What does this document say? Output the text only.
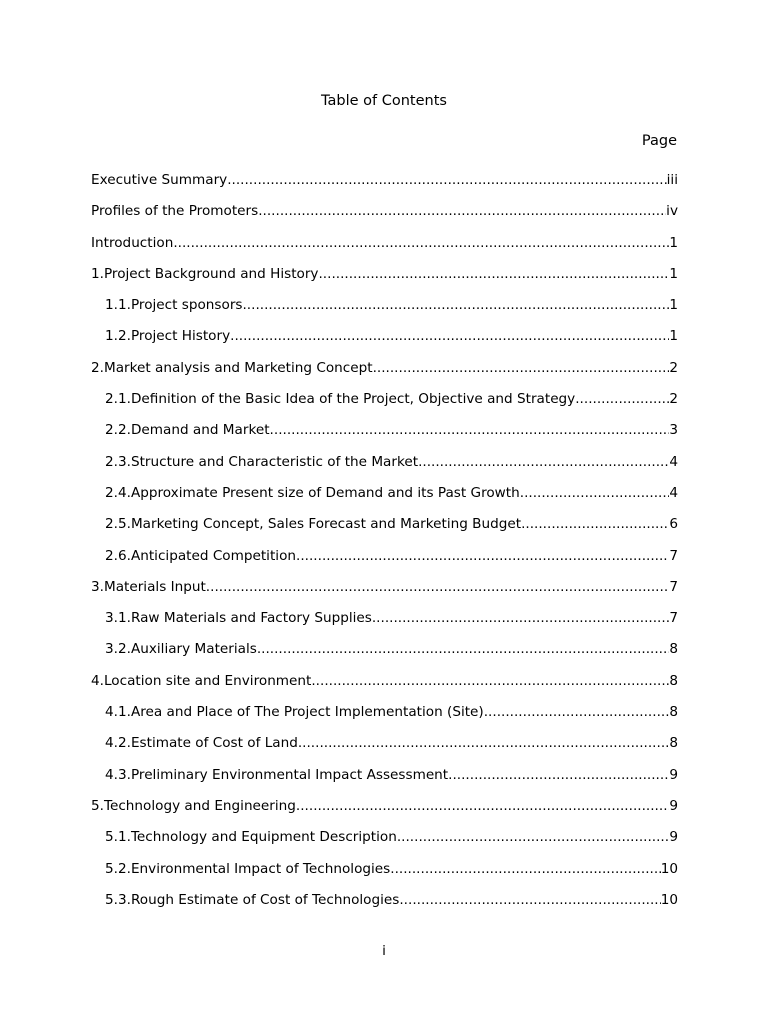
Table of Contents
Page
Executive Summary .....	iii
Profiles of the Promoters .....	iv
Introduction .....	1
1.Project Background and History .....	1
1.1.Project sponsors .....	1
1.2.Project History .....	1
2.Market analysis and Marketing Concept .....	2
2.1.Definition of the Basic Idea of the Project, Objective and Strategy .....	2
2.2.Demand and Market .....	3
2.3.Structure and Characteristic of the Market .....	4
2.4.Approximate Present size of Demand and its Past Growth .....	4
2.5.Marketing Concept, Sales Forecast and Marketing Budget .....	6
2.6.Anticipated Competition .....	7
3.Materials Input .....	7
3.1.Raw Materials and Factory Supplies .....	7
3.2.Auxiliary Materials .....	8
4.Location site and Environment .....	8
4.1.Area and Place of The Project Implementation (Site) .....	8
4.2.Estimate of Cost of Land .....	8
4.3.Preliminary Environmental Impact Assessment .....	9
5.Technology and Engineering .....	9
5.1.Technology and Equipment Description .....	9
5.2.Environmental Impact of Technologies .....	10
5.3.Rough Estimate of Cost of Technologies .....	10
i
